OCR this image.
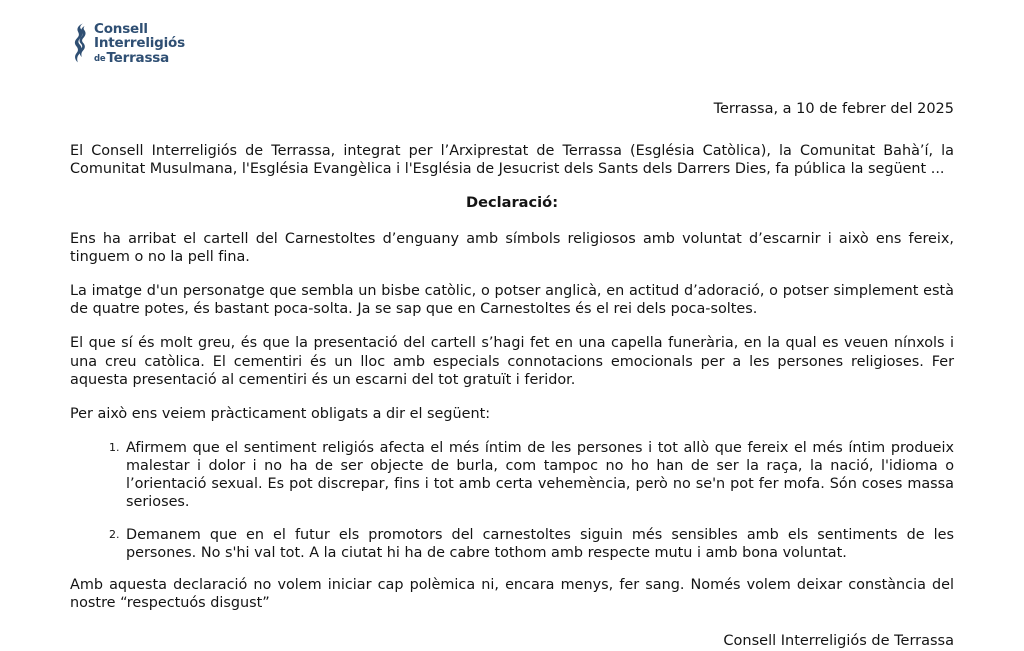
Consell
Interreligiós
deTerrassa

Terrassa, a 10 de febrer del 2025

El Consell Interreligiós de Terrassa, integrat per l’Arxiprestat de Terrassa (Església Catòlica), la Comunitat Bahà’í, la Comunitat Musulmana, l'Església Evangèlica i l'Església de Jesucrist dels Sants dels Darrers Dies, fa pública la següent ...

Declaració:

Ens ha arribat el cartell del Carnestoltes d’enguany amb símbols religiosos amb voluntat d’escarnir i això ens fereix, tinguem o no la pell fina.

La imatge d'un personatge que sembla un bisbe catòlic, o potser anglicà, en actitud d’adoració, o potser simplement està de quatre potes, és bastant poca-solta. Ja se sap que en Carnestoltes és el rei dels poca-soltes.

El que sí és molt greu, és que la presentació del cartell s’hagi fet en una capella funerària, en la qual es veuen nínxols i una creu catòlica. El cementiri és un lloc amb especials connotacions emocionals per a les persones religioses. Fer aquesta presentació al cementiri és un escarni del tot gratuït i feridor.

Per això ens veiem pràcticament obligats a dir el següent:

Afirmem que el sentiment religiós afecta el més íntim de les persones i tot allò que fereix el més íntim produeix malestar i dolor i no ha de ser objecte de burla, com tampoc no ho han de ser la raça, la nació, l'idioma o l’orientació sexual. Es pot discrepar, fins i tot amb certa vehemència, però no se'n pot fer mofa. Són coses massa serioses.
Demanem que en el futur els promotors del carnestoltes siguin més sensibles amb els sentiments de les persones. No s'hi val tot. A la ciutat hi ha de cabre tothom amb respecte mutu i amb bona voluntat.

Amb aquesta declaració no volem iniciar cap polèmica ni, encara menys, fer sang. Només volem deixar constància del nostre “respectuós disgust”

Consell Interreligiós de Terrassa
